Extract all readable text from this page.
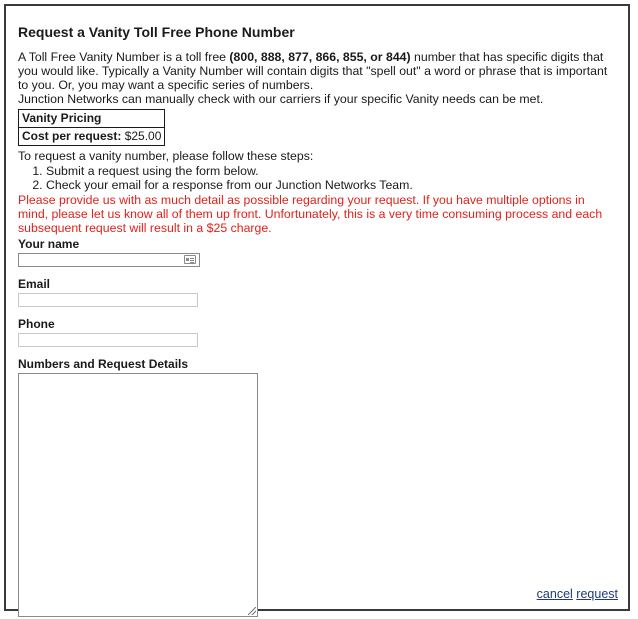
Request a Vanity Toll Free Phone Number

A Toll Free Vanity Number is a toll free (800, 888, 877, 866, 855, or 844) number that has specific digits that you would like. Typically a Vanity Number will contain digits that "spell out" a word or phrase that is important to you. Or, you may want a specific series of numbers.

Junction Networks can manually check with our carriers if your specific Vanity needs can be met.

Vanity Pricing
Cost per request: $25.00

To request a vanity number, please follow these steps:

1. Submit a request using the form below.
2. Check your email for a response from our Junction Networks Team.

Please provide us with as much detail as possible regarding your request. If you have multiple options in mind, please let us know all of them up front. Unfortunately, this is a very time consuming process and each subsequent request will result in a $25 charge.

Your name
Email
Phone
Numbers and Request Details
cancel request
